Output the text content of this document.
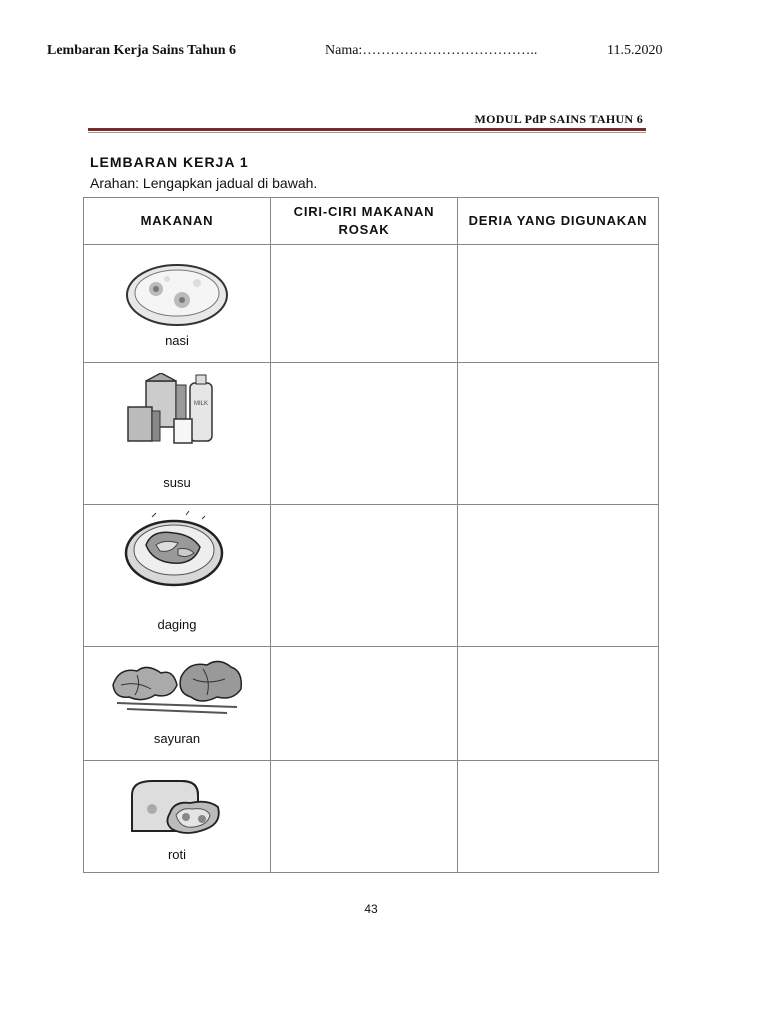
Lembaran Kerja Sains Tahun 6	Nama:………………………………..	11.5.2020
MODUL PdP SAINS TAHUN 6
LEMBARAN KERJA 1
Arahan: Lengapkan jadual di bawah.
MAKANAN	CIRI-CIRI MAKANAN ROSAK	DERIA YANG DIGUNAKAN

nasi		

MILK
susu		

daging		

sayuran		

roti		

43
